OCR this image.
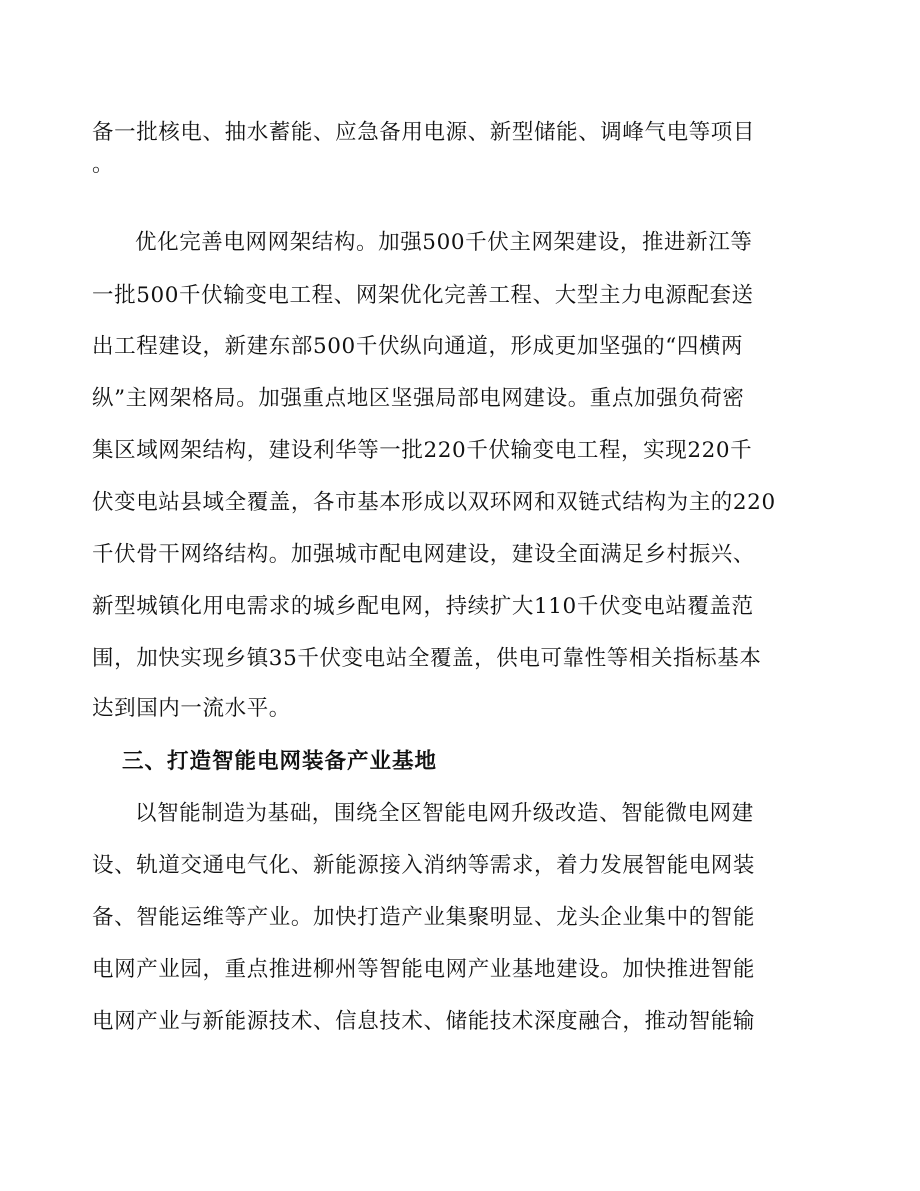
备一批核电、抽水蓄能、应急备用电源、新型储能、调峰气电等项目
。
优化完善电网网架结构。加强500千伏主网架建设，推进新江等
一批500千伏输变电工程、网架优化完善工程、大型主力电源配套送
出工程建设，新建东部500千伏纵向通道，形成更加坚强的“四横两
纵”主网架格局。加强重点地区坚强局部电网建设。重点加强负荷密
集区域网架结构，建设利华等一批220千伏输变电工程，实现220千
伏变电站县域全覆盖，各市基本形成以双环网和双链式结构为主的220
千伏骨干网络结构。加强城市配电网建设，建设全面满足乡村振兴、
新型城镇化用电需求的城乡配电网，持续扩大110千伏变电站覆盖范
围，加快实现乡镇35千伏变电站全覆盖，供电可靠性等相关指标基本
达到国内一流水平。
三、打造智能电网装备产业基地
以智能制造为基础，围绕全区智能电网升级改造、智能微电网建
设、轨道交通电气化、新能源接入消纳等需求，着力发展智能电网装
备、智能运维等产业。加快打造产业集聚明显、龙头企业集中的智能
电网产业园，重点推进柳州等智能电网产业基地建设。加快推进智能
电网产业与新能源技术、信息技术、储能技术深度融合，推动智能输
